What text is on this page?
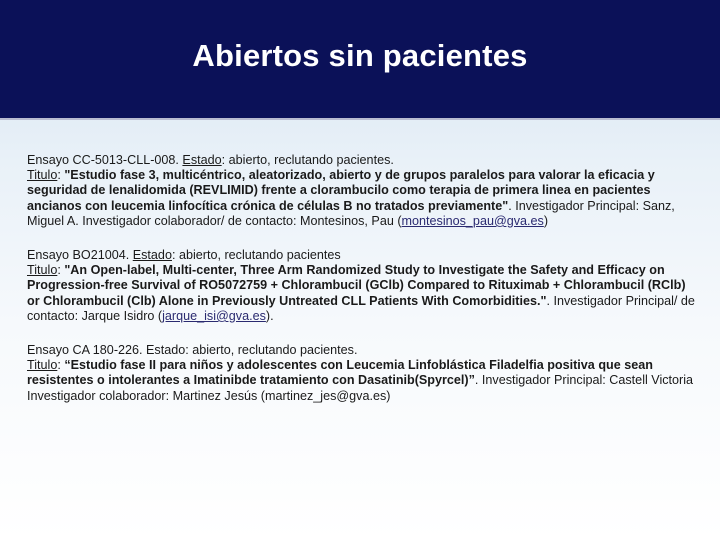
Abiertos sin pacientes

Ensayo CC-5013-CLL-008. Estado: abierto, reclutando pacientes.

Titulo: "Estudio fase 3, multicéntrico, aleatorizado, abierto y de grupos paralelos para valorar la eficacia y seguridad de lenalidomida (REVLIMID) frente a clorambucilo como terapia de primera linea en pacientes ancianos con leucemia linfocítica crónica de células B no tratados previamente". Investigador Principal: Sanz, Miguel A. Investigador colaborador/ de contacto: Montesinos, Pau (montesinos_pau@gva.es)

Ensayo BO21004. Estado: abierto, reclutando pacientes

Titulo: "An Open-label, Multi-center, Three Arm Randomized Study to Investigate the Safety and Efficacy on Progression-free Survival of RO5072759 + Chlorambucil (GClb) Compared to Rituximab + Chlorambucil (RClb) or Chlorambucil (Clb) Alone in Previously Untreated CLL Patients With Comorbidities.". Investigador Principal/ de contacto: Jarque Isidro (jarque_isi@gva.es).

Ensayo CA 180-226. Estado: abierto, reclutando pacientes.

Titulo: “Estudio fase II para niños y adolescentes con Leucemia Linfoblástica Filadelfia positiva que sean resistentes o intolerantes a Imatinibde tratamiento con Dasatinib(Spyrcel)”. Investigador Principal: Castell Victoria Investigador colaborador: Martinez Jesús (martinez_jes@gva.es)
